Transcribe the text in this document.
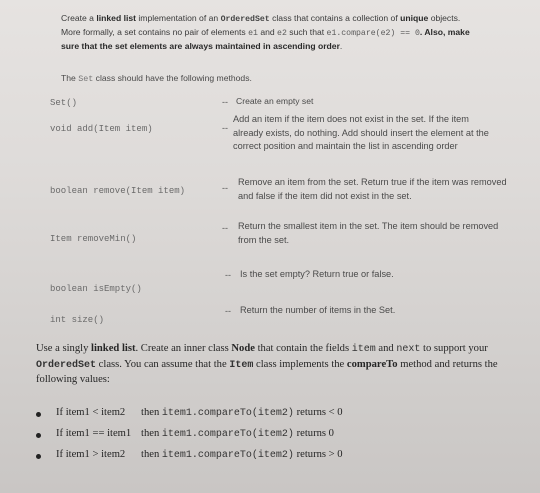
Create a linked list implementation of an OrderedSet class that contains a collection of unique objects. More formally, a set contains no pair of elements e1 and e2 such that e1.compare(e2) == 0. Also, make sure that the set elements are always maintained in ascending order.
The Set class should have the following methods.
Set()	-- Create an empty set
void add(Item item)	--
Add an item if the item does not exist in the set. If the item already exists, do nothing. Add should insert the element at the correct position and maintain the list in ascending order
boolean remove(Item item)	--
Remove an item from the set. Return true if the item was removed and false if the item did not exist in the set.
Item removeMin()
-- Return the smallest item in the set. The item should be removed from the set.
boolean isEmpty()
-- Is the set empty? Return true or false.
int size()
-- Return the number of items in the Set.
Use a singly linked list. Create an inner class Node that contain the fields item and next to support your OrderedSet class. You can assume that the Item class implements the compareTo method and returns the following values:
If item1 < item2 then item1.compareTo(item2) returns < 0
If item1 == item1 then item1.compareTo(item2) returns 0
If item1 > item2 then item1.compareTo(item2) returns > 0
